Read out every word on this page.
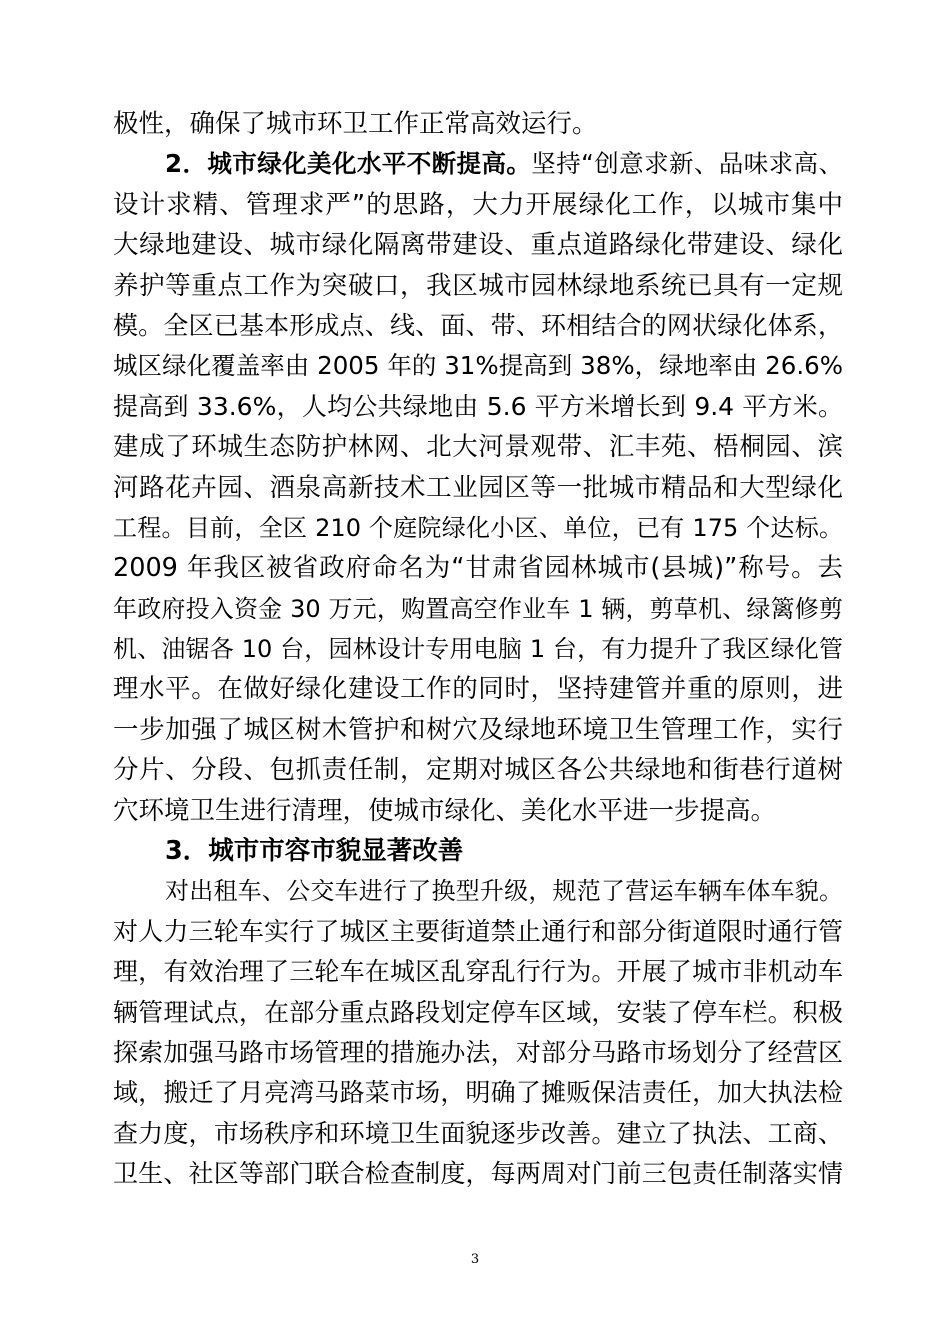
极性，确保了城市环卫工作正常高效运行。
2．城市绿化美化水平不断提高。坚持“创意求新、品味求高、
设计求精、管理求严”的思路，大力开展绿化工作，以城市集中
大绿地建设、城市绿化隔离带建设、重点道路绿化带建设、绿化
养护等重点工作为突破口，我区城市园林绿地系统已具有一定规
模。全区已基本形成点、线、面、带、环相结合的网状绿化体系，
城区绿化覆盖率由 2005 年的 31%提高到 38%，绿地率由 26.6%
提高到 33.6%，人均公共绿地由 5.6 平方米增长到 9.4 平方米。
建成了环城生态防护林网、北大河景观带、汇丰苑、梧桐园、滨
河路花卉园、酒泉高新技术工业园区等一批城市精品和大型绿化
工程。目前，全区 210 个庭院绿化小区、单位，已有 175 个达标。
2009 年我区被省政府命名为“甘肃省园林城市(县城)”称号。去
年政府投入资金 30 万元，购置高空作业车 1 辆，剪草机、绿篱修剪
机、油锯各 10 台，园林设计专用电脑 1 台，有力提升了我区绿化管
理水平。在做好绿化建设工作的同时，坚持建管并重的原则，进
一步加强了城区树木管护和树穴及绿地环境卫生管理工作，实行
分片、分段、包抓责任制，定期对城区各公共绿地和街巷行道树
穴环境卫生进行清理，使城市绿化、美化水平进一步提高。
3．城市市容市貌显著改善
对出租车、公交车进行了换型升级，规范了营运车辆车体车貌。
对人力三轮车实行了城区主要街道禁止通行和部分街道限时通行管
理，有效治理了三轮车在城区乱穿乱行行为。开展了城市非机动车
辆管理试点，在部分重点路段划定停车区域，安装了停车栏。积极
探索加强马路市场管理的措施办法，对部分马路市场划分了经营区
域，搬迁了月亮湾马路菜市场，明确了摊贩保洁责任，加大执法检
查力度，市场秩序和环境卫生面貌逐步改善。建立了执法、工商、
卫生、社区等部门联合检查制度，每两周对门前三包责任制落实情
3
